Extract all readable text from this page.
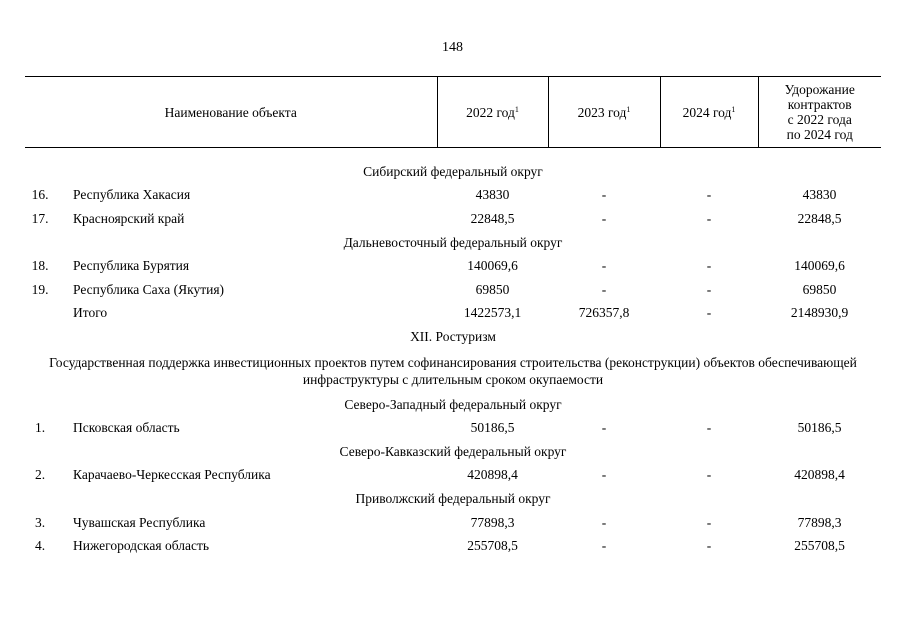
148
Наименование объекта	2022 год$^1$	2023 год$^1$	2024 год$^1$	Удорожание
контрактов
с 2022 года
по 2024 год
Сибирский федеральный округ
16.	Республика Хакасия	43830	-	-	43830
17.	Красноярский край	22848,5	-	-	22848,5
Дальневосточный федеральный округ
18.	Республика Бурятия	140069,6	-	-	140069,6
19.	Республика Саха (Якутия)	69850	-	-	69850
Итого	1422573,1	726357,8	-	2148930,9
XII. Ростуризм
Государственная поддержка инвестиционных проектов путем софинансирования строительства (реконструкции) объектов обеспечивающей инфраструктуры с длительным сроком окупаемости
Северо-Западный федеральный округ
1.	Псковская область	50186,5	-	-	50186,5
Северо-Кавказский федеральный округ
2.	Карачаево-Черкесская Республика	420898,4	-	-	420898,4
Приволжский федеральный округ
3.	Чувашская Республика	77898,3	-	-	77898,3
4.	Нижегородская область	255708,5	-	-	255708,5
